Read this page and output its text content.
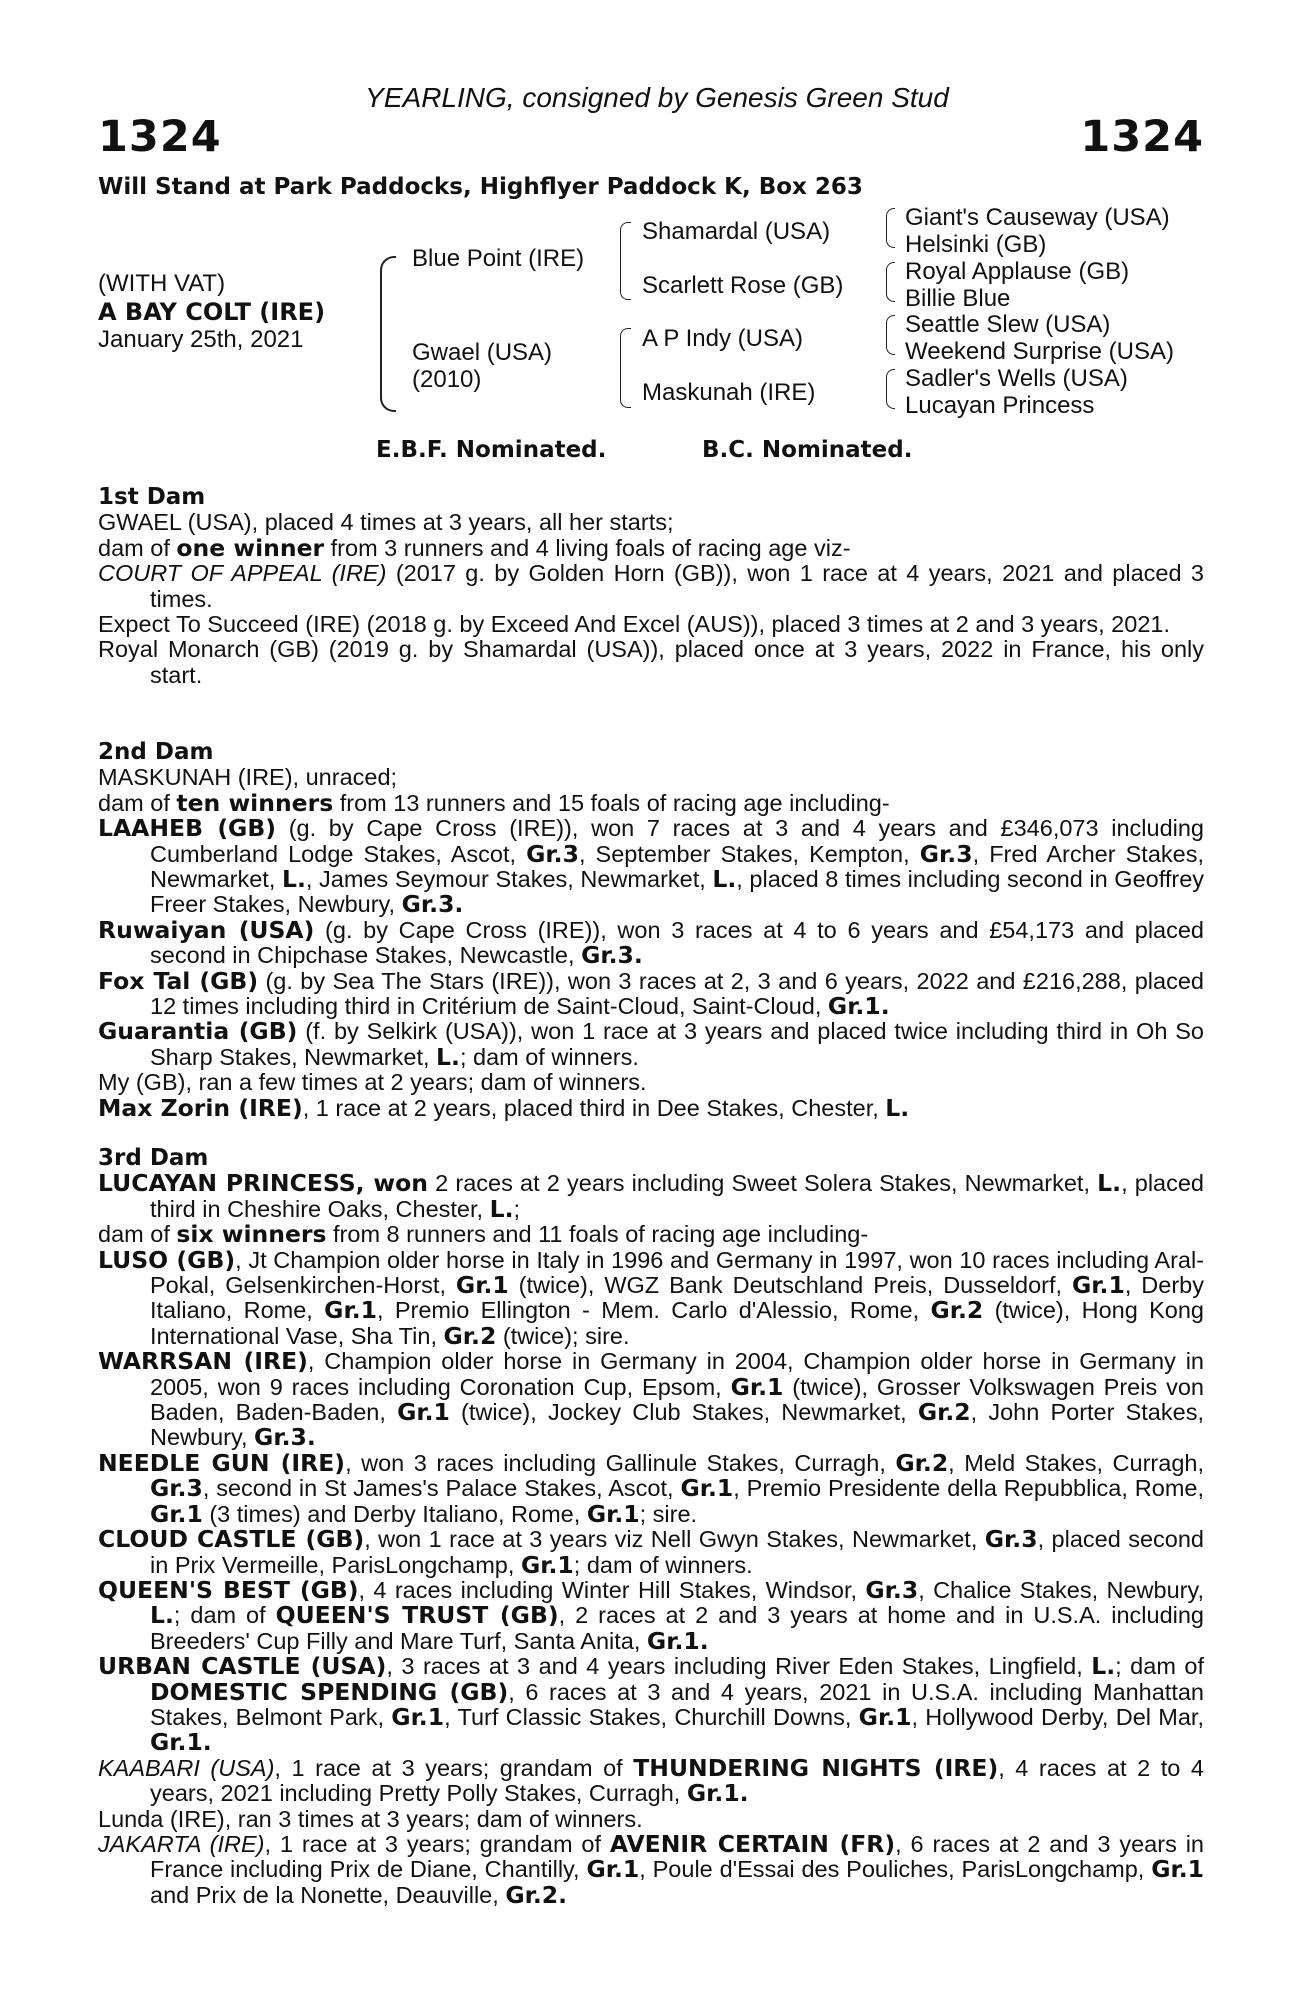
YEARLING, consigned by Genesis Green Stud
1324	1324
Will Stand at Park Paddocks, Highflyer Paddock K, Box 263
(WITH VAT)
A BAY COLT (IRE)
January 25th, 2021
Blue Point (IRE)
Gwael (USA)
(2010)
Shamardal (USA)
Scarlett Rose (GB)
A P Indy (USA)
Maskunah (IRE)
Giant's Causeway (USA)
Helsinki (GB)
Royal Applause (GB)
Billie Blue
Seattle Slew (USA)
Weekend Surprise (USA)
Sadler's Wells (USA)
Lucayan Princess
E.B.F. Nominated.	B.C. Nominated.

1st Dam

GWAEL (USA), placed 4 times at 3 years, all her starts;

dam of one winner from 3 runners and 4 living foals of racing age viz-

COURT OF APPEAL (IRE) (2017 g. by Golden Horn (GB)), won 1 race at 4 years, 2021 and placed 3 times.

Expect To Succeed (IRE) (2018 g. by Exceed And Excel (AUS)), placed 3 times at 2 and 3 years, 2021.

Royal Monarch (GB) (2019 g. by Shamardal (USA)), placed once at 3 years, 2022 in France, his only start.

2nd Dam

MASKUNAH (IRE), unraced;

dam of ten winners from 13 runners and 15 foals of racing age including-

LAAHEB (GB) (g. by Cape Cross (IRE)), won 7 races at 3 and 4 years and £346,073 including Cumberland Lodge Stakes, Ascot, Gr.3, September Stakes, Kempton, Gr.3, Fred Archer Stakes, Newmarket, L., James Seymour Stakes, Newmarket, L., placed 8 times including second in Geoffrey Freer Stakes, Newbury, Gr.3.

Ruwaiyan (USA) (g. by Cape Cross (IRE)), won 3 races at 4 to 6 years and £54,173 and placed second in Chipchase Stakes, Newcastle, Gr.3.

Fox Tal (GB) (g. by Sea The Stars (IRE)), won 3 races at 2, 3 and 6 years, 2022 and £216,288, placed 12 times including third in Critérium de Saint-Cloud, Saint-Cloud, Gr.1.

Guarantia (GB) (f. by Selkirk (USA)), won 1 race at 3 years and placed twice including third in Oh So Sharp Stakes, Newmarket, L.; dam of winners.

My (GB), ran a few times at 2 years; dam of winners.

Max Zorin (IRE), 1 race at 2 years, placed third in Dee Stakes, Chester, L.

3rd Dam

LUCAYAN PRINCESS, won 2 races at 2 years including Sweet Solera Stakes, Newmarket, L., placed third in Cheshire Oaks, Chester, L.;

dam of six winners from 8 runners and 11 foals of racing age including-

LUSO (GB), Jt Champion older horse in Italy in 1996 and Germany in 1997, won 10 races including Aral-Pokal, Gelsenkirchen-Horst, Gr.1 (twice), WGZ Bank Deutschland Preis, Dusseldorf, Gr.1, Derby Italiano, Rome, Gr.1, Premio Ellington - Mem. Carlo d'Alessio, Rome, Gr.2 (twice), Hong Kong International Vase, Sha Tin, Gr.2 (twice); sire.

WARRSAN (IRE), Champion older horse in Germany in 2004, Champion older horse in Germany in 2005, won 9 races including Coronation Cup, Epsom, Gr.1 (twice), Grosser Volkswagen Preis von Baden, Baden-Baden, Gr.1 (twice), Jockey Club Stakes, Newmarket, Gr.2, John Porter Stakes, Newbury, Gr.3.

NEEDLE GUN (IRE), won 3 races including Gallinule Stakes, Curragh, Gr.2, Meld Stakes, Curragh, Gr.3, second in St James's Palace Stakes, Ascot, Gr.1, Premio Presidente della Repubblica, Rome, Gr.1 (3 times) and Derby Italiano, Rome, Gr.1; sire.

CLOUD CASTLE (GB), won 1 race at 3 years viz Nell Gwyn Stakes, Newmarket, Gr.3, placed second in Prix Vermeille, ParisLongchamp, Gr.1; dam of winners.

QUEEN'S BEST (GB), 4 races including Winter Hill Stakes, Windsor, Gr.3, Chalice Stakes, Newbury, L.; dam of QUEEN'S TRUST (GB), 2 races at 2 and 3 years at home and in U.S.A. including Breeders' Cup Filly and Mare Turf, Santa Anita, Gr.1.

URBAN CASTLE (USA), 3 races at 3 and 4 years including River Eden Stakes, Lingfield, L.; dam of DOMESTIC SPENDING (GB), 6 races at 3 and 4 years, 2021 in U.S.A. including Manhattan Stakes, Belmont Park, Gr.1, Turf Classic Stakes, Churchill Downs, Gr.1, Hollywood Derby, Del Mar, Gr.1.

KAABARI (USA), 1 race at 3 years; grandam of THUNDERING NIGHTS (IRE), 4 races at 2 to 4 years, 2021 including Pretty Polly Stakes, Curragh, Gr.1.

Lunda (IRE), ran 3 times at 3 years; dam of winners.

JAKARTA (IRE), 1 race at 3 years; grandam of AVENIR CERTAIN (FR), 6 races at 2 and 3 years in France including Prix de Diane, Chantilly, Gr.1, Poule d'Essai des Pouliches, ParisLongchamp, Gr.1 and Prix de la Nonette, Deauville, Gr.2.
